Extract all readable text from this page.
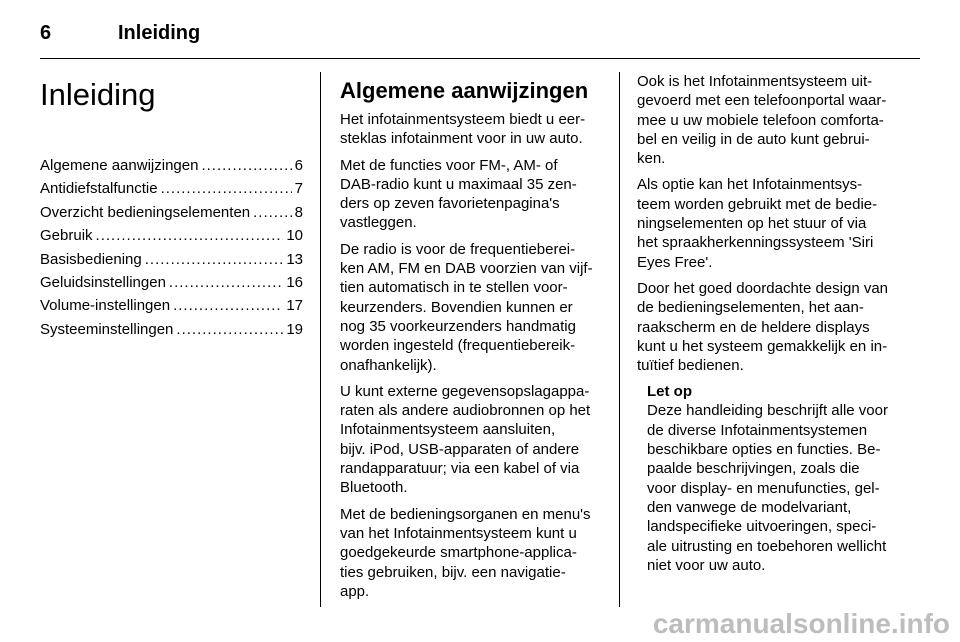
6	Inleiding
Inleiding
Algemene aanwijzingen .....	6
Antidiefstalfunctie .....	7
Overzicht bedieningselementen .....	8
Gebruik .....	10
Basisbediening .....	13
Geluidsinstellingen .....	16
Volume-instellingen .....	17
Systeeminstellingen .....	19
Algemene aanwijzingen

Het infotainmentsysteem biedt u eer-
steklas infotainment voor in uw auto.

Met de functies voor FM-, AM- of
DAB-radio kunt u maximaal 35 zen-
ders op zeven favorietenpagina's
vastleggen.

De radio is voor de frequentieberei-
ken AM, FM en DAB voorzien van vijf-
tien automatisch in te stellen voor-
keurzenders. Bovendien kunnen er
nog 35 voorkeurzenders handmatig
worden ingesteld (frequentiebereik-
onafhankelijk).

U kunt externe gegevensopslagappa-
raten als andere audiobronnen op het
Infotainmentsysteem aansluiten,
bijv. iPod, USB-apparaten of andere
randapparatuur; via een kabel of via
Bluetooth.

Met de bedieningsorganen en menu's
van het Infotainmentsysteem kunt u
goedgekeurde smartphone-applica-
ties gebruiken, bijv. een navigatie-
app.

Ook is het Infotainmentsysteem uit-
gevoerd met een telefoonportal waar-
mee u uw mobiele telefoon comforta-
bel en veilig in de auto kunt gebrui-
ken.

Als optie kan het Infotainmentsys-
teem worden gebruikt met de bedie-
ningselementen op het stuur of via
het spraakherkenningssysteem 'Siri
Eyes Free'.

Door het goed doordachte design van
de bedieningselementen, het aan-
raakscherm en de heldere displays
kunt u het systeem gemakkelijk en in-
tuïtief bedienen.

Let op

Deze handleiding beschrijft alle voor
de diverse Infotainmentsystemen
beschikbare opties en functies. Be-
paalde beschrijvingen, zoals die
voor display- en menufuncties, gel-
den vanwege de modelvariant,
landspecifieke uitvoeringen, speci-
ale uitrusting en toebehoren wellicht
niet voor uw auto.

carmanualsonline.info
